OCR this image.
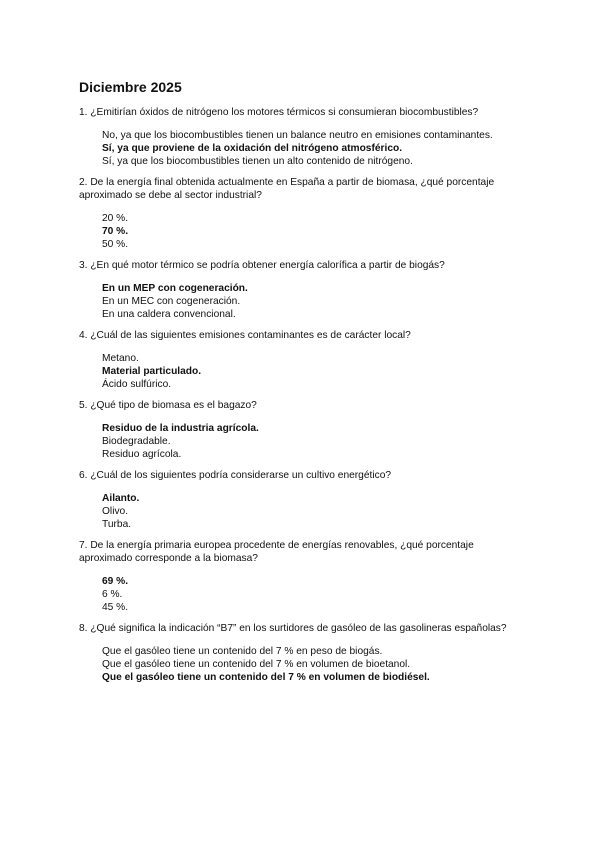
Diciembre 2025
1. ¿Emitirían óxidos de nitrógeno los motores térmicos si consumieran biocombustibles?
No, ya que los biocombustibles tienen un balance neutro en emisiones contaminantes.
Sí, ya que proviene de la oxidación del nitrógeno atmosférico.
Sí, ya que los biocombustibles tienen un alto contenido de nitrógeno.
2. De la energía final obtenida actualmente en España a partir de biomasa, ¿qué porcentaje aproximado se debe al sector industrial?
20 %.
70 %.
50 %.
3. ¿En qué motor térmico se podría obtener energía calorífica a partir de biogás?
En un MEP con cogeneración.
En un MEC con cogeneración.
En una caldera convencional.
4. ¿Cuál de las siguientes emisiones contaminantes es de carácter local?
Metano.
Material particulado.
Ácido sulfúrico.
5. ¿Qué tipo de biomasa es el bagazo?
Residuo de la industria agrícola.
Biodegradable.
Residuo agrícola.
6. ¿Cuál de los siguientes podría considerarse un cultivo energético?
Ailanto.
Olivo.
Turba.
7. De la energía primaria europea procedente de energías renovables, ¿qué porcentaje aproximado corresponde a la biomasa?
69 %.
6 %.
45 %.
8. ¿Qué significa la indicación “B7” en los surtidores de gasóleo de las gasolineras españolas?
Que el gasóleo tiene un contenido del 7 % en peso de biogás.
Que el gasóleo tiene un contenido del 7 % en volumen de bioetanol.
Que el gasóleo tiene un contenido del 7 % en volumen de biodiésel.
